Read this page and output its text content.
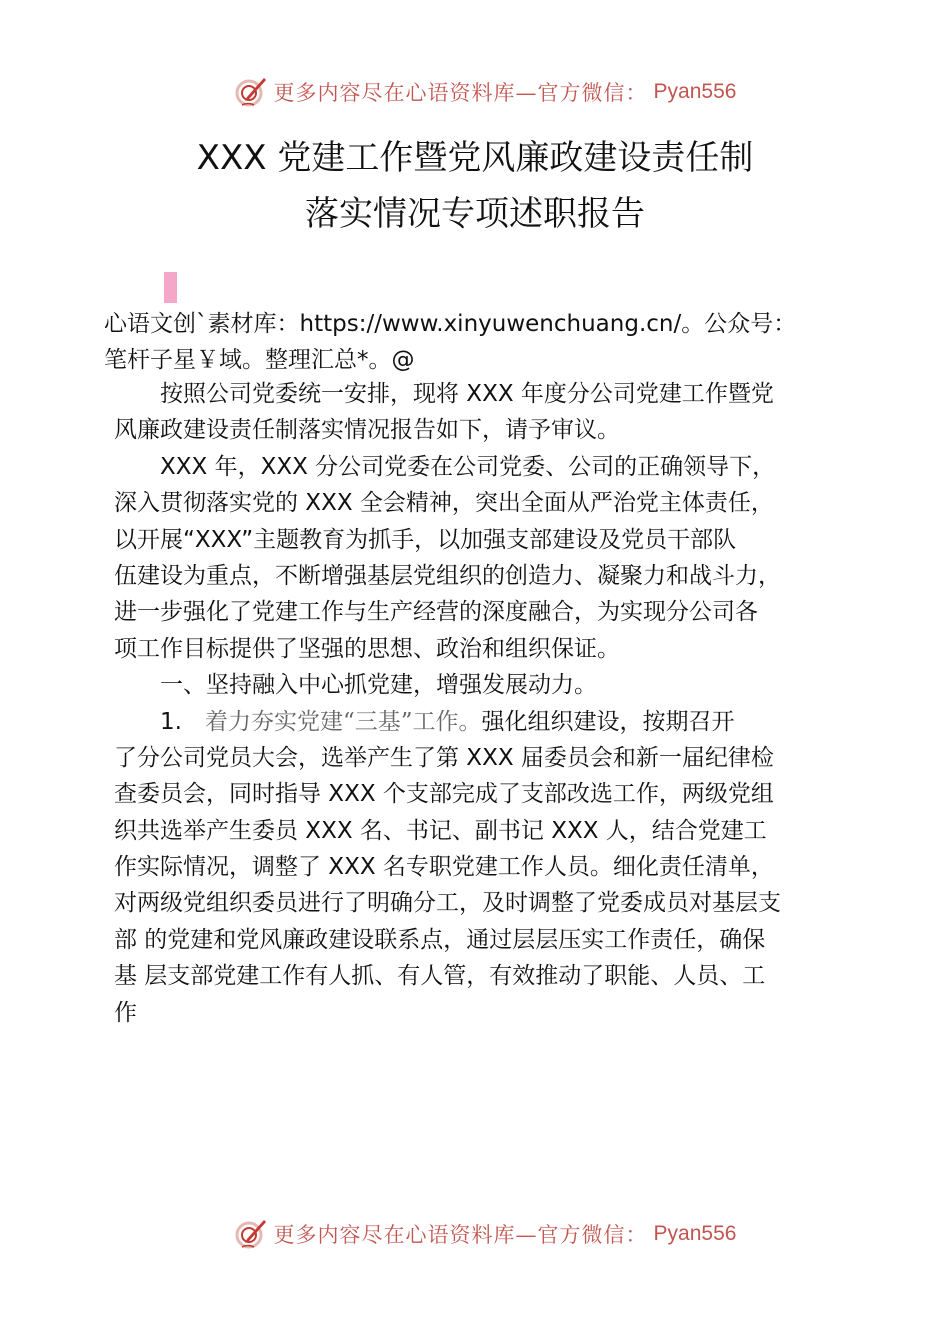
更多内容尽在心语资料库—官方微信： Pyan556
XXX 党建工作暨党风廉政建设责任制
落实情况专项述职报告
心语文创`素材库：https://www.xinyuwenchuang.cn/。公众号：
笔杆子星￥域。整理汇总*。@
　　按照公司党委统一安排，现将 XXX 年度分公司党建工作暨党
风廉政建设责任制落实情况报告如下，请予审议。
　　XXX 年，XXX 分公司党委在公司党委、公司的正确领导下，
深入贯彻落实党的 XXX 全会精神，突出全面从严治党主体责任，
以开展“XXX”主题教育为抓手，以加强支部建设及党员干部队
伍建设为重点，不断增强基层党组织的创造力、凝聚力和战斗力，
进一步强化了党建工作与生产经营的深度融合，为实现分公司各
项工作目标提供了坚强的思想、政治和组织保证。
　　一、坚持融入中心抓党建，增强发展动力。
　　1.　着力夯实党建“三基”工作。强化组织建设，按期召开
了分公司党员大会，选举产生了第 XXX 届委员会和新一届纪律检
查委员会，同时指导 XXX 个支部完成了支部改选工作，两级党组
织共选举产生委员 XXX 名、书记、副书记 XXX 人，结合党建工
作实际情况，调整了 XXX 名专职党建工作人员。细化责任清单，
对两级党组织委员进行了明确分工，及时调整了党委成员对基层支
部 的党建和党风廉政建设联系点，通过层层压实工作责任，确保
基 层支部党建工作有人抓、有人管，有效推动了职能、人员、工
作
更多内容尽在心语资料库—官方微信： Pyan556
